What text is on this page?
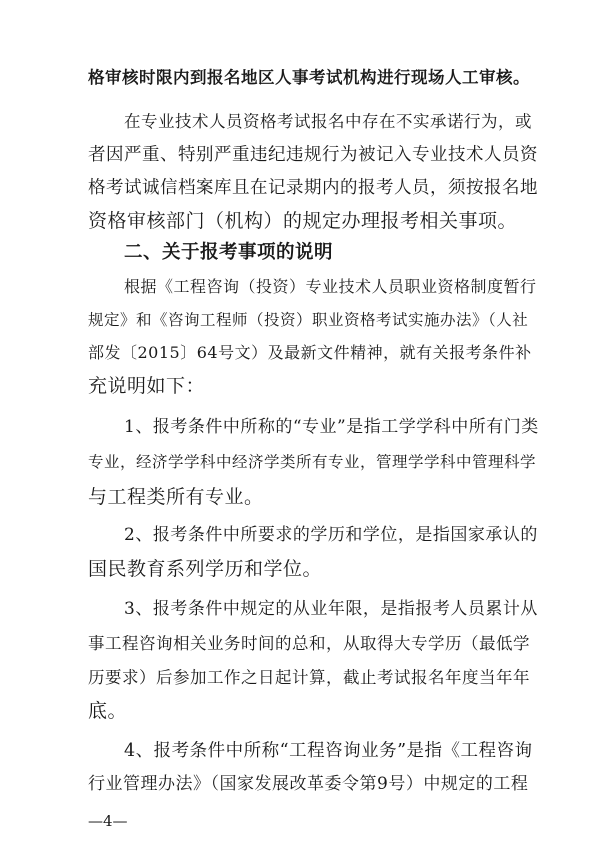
格审核时限内到报名地区人事考试机构进行现场人工审核。
在专业技术人员资格考试报名中存在不实承诺行为，或
者因严重、特别严重违纪违规行为被记入专业技术人员资
格考试诚信档案库且在记录期内的报考人员，须按报名地
资格审核部门（机构）的规定办理报考相关事项。
二、关于报考事项的说明
根据《工程咨询（投资）专业技术人员职业资格制度暂行
规定》和《咨询工程师（投资）职业资格考试实施办法》（人社
部发〔2015〕64号文）及最新文件精神，就有关报考条件补
充说明如下：
1、报考条件中所称的“专业”是指工学学科中所有门类
专业，经济学学科中经济学类所有专业，管理学学科中管理科学
与工程类所有专业。
2、报考条件中所要求的学历和学位，是指国家承认的
国民教育系列学历和学位。
3、报考条件中规定的从业年限，是指报考人员累计从
事工程咨询相关业务时间的总和，从取得大专学历（最低学
历要求）后参加工作之日起计算，截止考试报名年度当年年
底。
4、报考条件中所称“工程咨询业务”是指《工程咨询
行业管理办法》（国家发展改革委令第9号）中规定的工程
—4—
